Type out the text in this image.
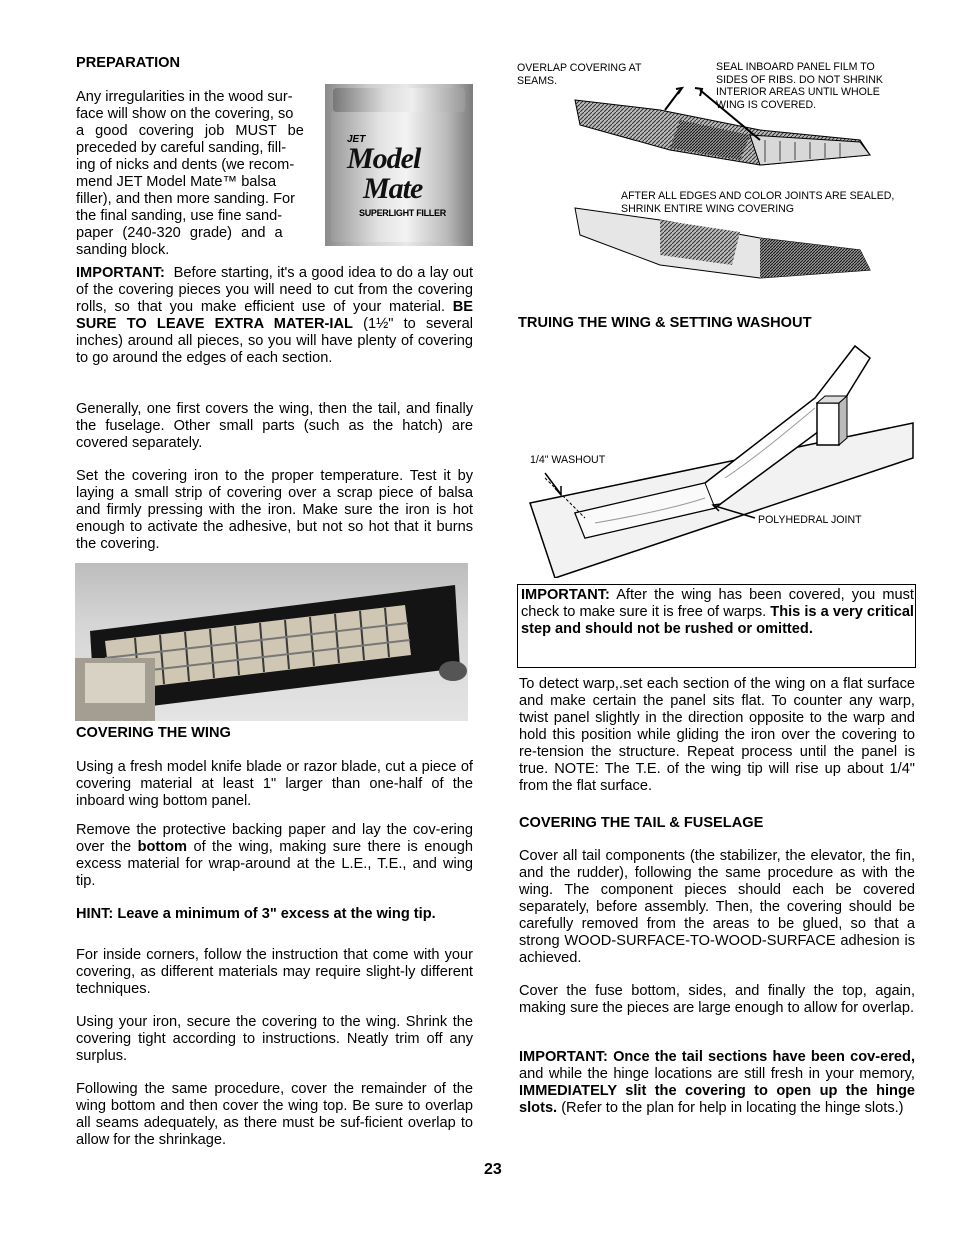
PREPARATION
Any irregularities in the wood sur-
face will show on the covering, so
a good covering job MUST be
preceded by careful sanding, fill-
ing of nicks and dents (we recom-
mend JET Model Mate™ balsa
filler), and then more sanding. For
the final sanding, use fine sand-
paper (240-320 grade) and a
sanding block.
JET
Model
Mate
SUPERLIGHT FILLER
IMPORTANT: Before starting, it's a good idea to do a lay out of the covering pieces you will need to cut from the covering rolls, so that you make efficient use of your material. BE SURE TO LEAVE EXTRA MATER-IAL (1½" to several inches) around all pieces, so you will have plenty of covering to go around the edges of each section.
Generally, one first covers the wing, then the tail, and finally the fuselage. Other small parts (such as the hatch) are covered separately.
Set the covering iron to the proper temperature. Test it by laying a small strip of covering over a scrap piece of balsa and firmly pressing with the iron. Make sure the iron is hot enough to activate the adhesive, but not so hot that it burns the covering.
COVERING THE WING
Using a fresh model knife blade or razor blade, cut a piece of covering material at least 1" larger than one-half of the inboard wing bottom panel.
Remove the protective backing paper and lay the cov-ering over the bottom of the wing, making sure there is enough excess material for wrap-around at the L.E., T.E., and wing tip.
HINT: Leave a minimum of 3" excess at the wing tip.
For inside corners, follow the instruction that come with your covering, as different materials may require slight-ly different techniques.
Using your iron, secure the covering to the wing. Shrink the covering tight according to instructions. Neatly trim off any surplus.
Following the same procedure, cover the remainder of the wing bottom and then cover the wing top. Be sure to overlap all seams adequately, as there must be suf-ficient overlap to allow for the shrinkage.
OVERLAP COVERING AT SEAMS.
SEAL INBOARD PANEL FILM TO SIDES OF RIBS. DO NOT SHRINK INTERIOR AREAS UNTIL WHOLE WING IS COVERED.
AFTER ALL EDGES AND COLOR JOINTS ARE SEALED, SHRINK ENTIRE WING COVERING
TRUING THE WING & SETTING WASHOUT
1/4" WASHOUT
POLYHEDRAL JOINT
IMPORTANT: After the wing has been covered, you must check to make sure it is free of warps. This is a very critical step and should not be rushed or omitted.
To detect warp,.set each section of the wing on a flat surface and make certain the panel sits flat. To counter any warp, twist panel slightly in the direction opposite to the warp and hold this position while gliding the iron over the covering to re-tension the structure. Repeat process until the panel is true. NOTE: The T.E. of the wing tip will rise up about 1/4" from the flat surface.
COVERING THE TAIL & FUSELAGE
Cover all tail components (the stabilizer, the elevator, the fin, and the rudder), following the same procedure as with the wing. The component pieces should each be covered separately, before assembly. Then, the covering should be carefully removed from the areas to be glued, so that a strong WOOD-SURFACE-TO-WOOD-SURFACE adhesion is achieved.
Cover the fuse bottom, sides, and finally the top, again, making sure the pieces are large enough to allow for overlap.
IMPORTANT: Once the tail sections have been cov-ered, and while the hinge locations are still fresh in your memory, IMMEDIATELY slit the covering to open up the hinge slots. (Refer to the plan for help in locating the hinge slots.)
23
